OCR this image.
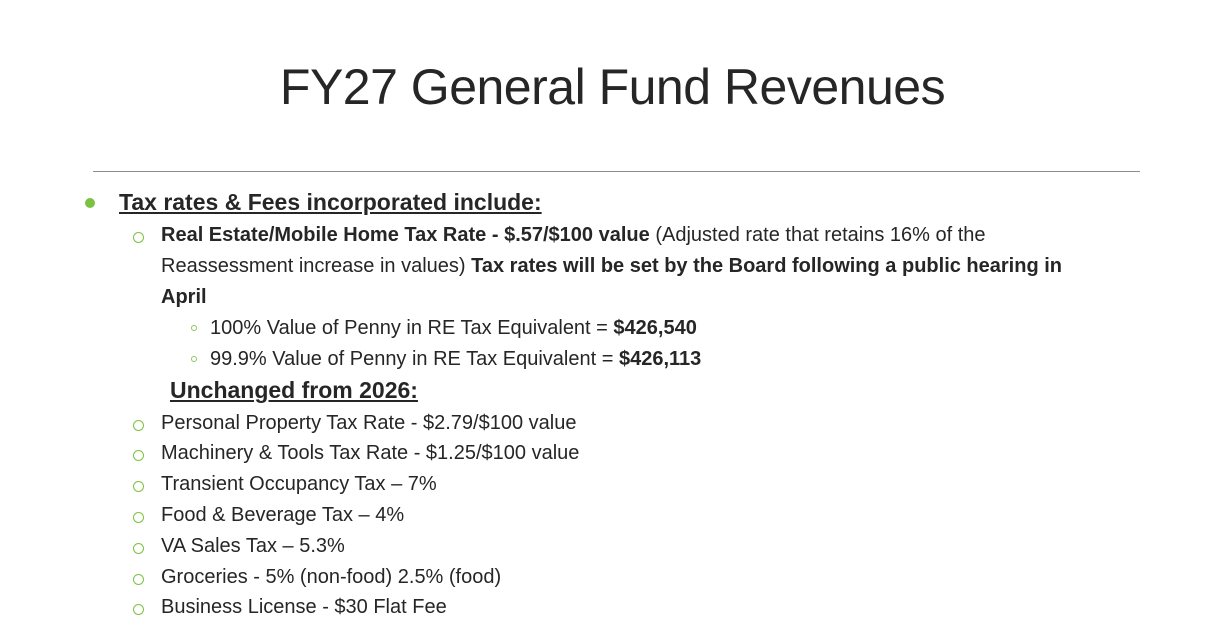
FY27 General Fund Revenues
Tax rates & Fees incorporated include:
Real Estate/Mobile Home Tax Rate - $.57/$100 value (Adjusted rate that retains 16% of the
Reassessment increase in values) Tax rates will be set by the Board following a public hearing in
April
100% Value of Penny in RE Tax Equivalent = $426,540
99.9% Value of Penny in RE Tax Equivalent = $426,113
Unchanged from 2026:
Personal Property Tax Rate - $2.79/$100 value
Machinery & Tools Tax Rate - $1.25/$100 value
Transient Occupancy Tax – 7%
Food & Beverage Tax – 4%
VA Sales Tax – 5.3%
Groceries - 5% (non-food) 2.5% (food)
Business License - $30 Flat Fee
